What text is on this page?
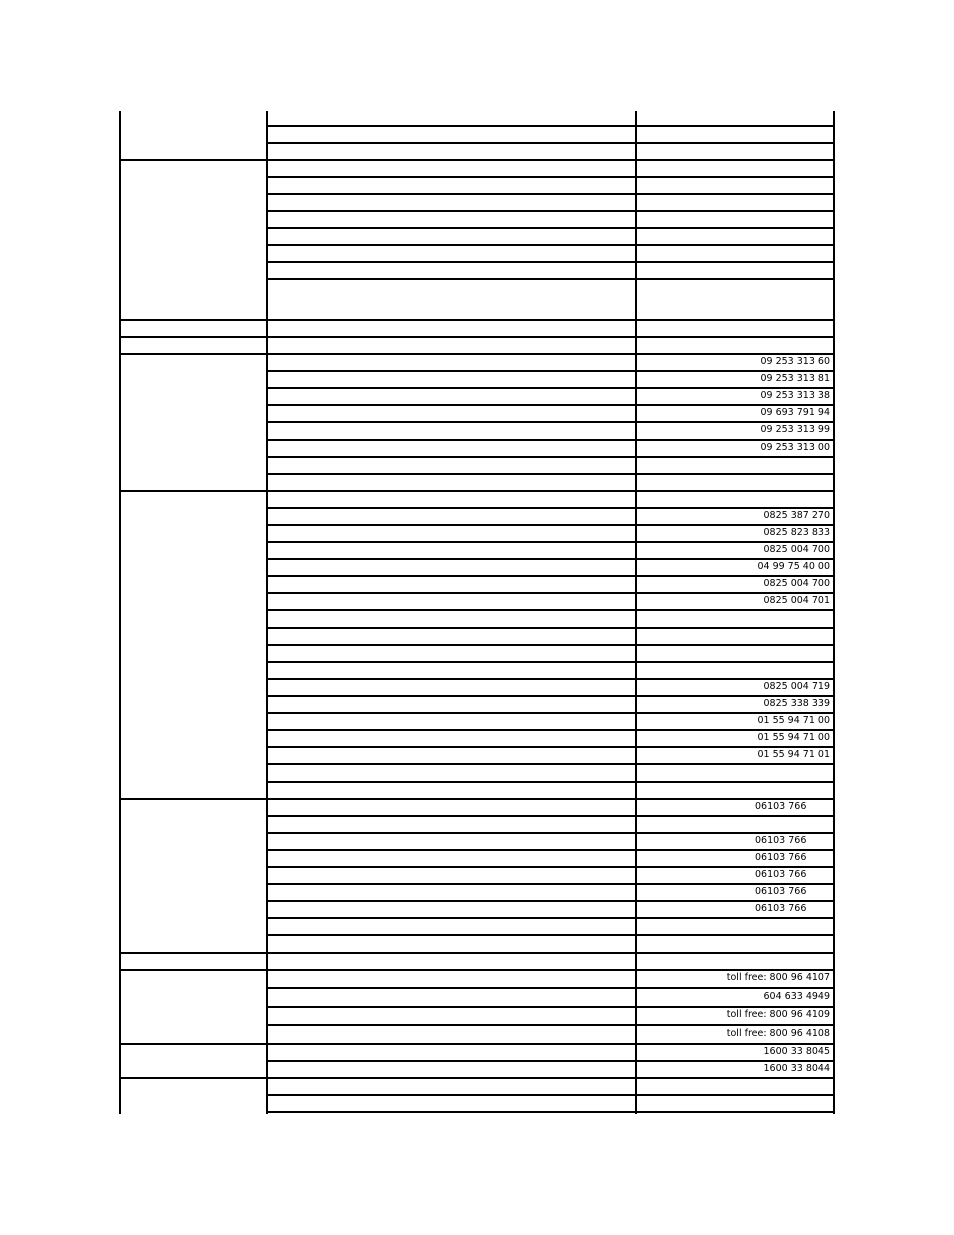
09 253 313 60
09 253 313 81
09 253 313 38
09 693 791 94
09 253 313 99
09 253 313 00
0825 387 270
0825 823 833
0825 004 700
04 99 75 40 00
0825 004 700
0825 004 701
0825 004 719
0825 338 339
01 55 94 71 00
01 55 94 71 00
01 55 94 71 01
06103 766
06103 766
06103 766
06103 766
06103 766
06103 766
toll free: 800 96 4107
604 633 4949
toll free: 800 96 4109
toll free: 800 96 4108
1600 33 8045
1600 33 8044
